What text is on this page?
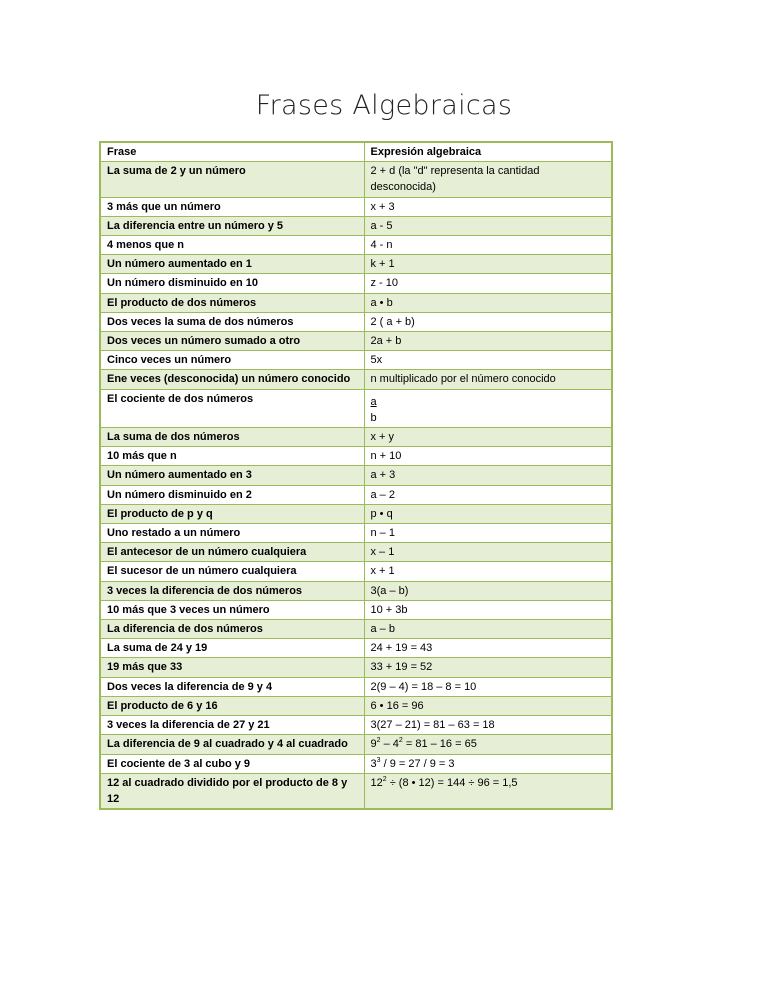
Frases Algebraicas
Frase	Expresión algebraica
La suma de 2 y un número	2 + d (la "d" representa la cantidad desconocida)
3 más que un número	x + 3
La diferencia entre un número y 5	a - 5
4 menos que n	4 - n
Un número aumentado en 1	k + 1
Un número disminuido en 10	z - 10
El producto de dos números	a • b
Dos veces la suma de dos números	2 ( a + b)
Dos veces un número sumado a otro	2a + b
Cinco veces un número	5x
Ene veces (desconocida) un número conocido	n multiplicado por el número conocido
El cociente de dos números	a
b

La suma de dos números	x + y
10 más que n	n + 10
Un número aumentado en 3	a + 3
Un número disminuido en 2	a – 2
El producto de p y q	p • q
Uno restado a un número	n – 1
El antecesor de un número cualquiera	x – 1
El sucesor de un número cualquiera	x + 1
3 veces la diferencia de dos números	3(a – b)
10 más que 3 veces un número	10 + 3b
La diferencia de dos números	a – b
La suma de 24 y 19	24 + 19 = 43
19 más que 33	33 + 19 = 52
Dos veces la diferencia de 9 y 4	2(9 – 4) = 18 – 8 = 10
El producto de 6 y 16	6 • 16 = 96
3 veces la diferencia de 27 y 21	3(27 – 21) = 81 – 63 = 18
La diferencia de 9 al cuadrado y 4 al cuadrado	$9^2 - 4^2 = 81 - 16 = 65$
El cociente de 3 al cubo y 9	$3^3 / 9 = 27 / 9 = 3$
12 al cuadrado dividido por el producto de 8 y 12	$12^2 \div (8$ • 12) = 144 ÷ 96 = 1,5
